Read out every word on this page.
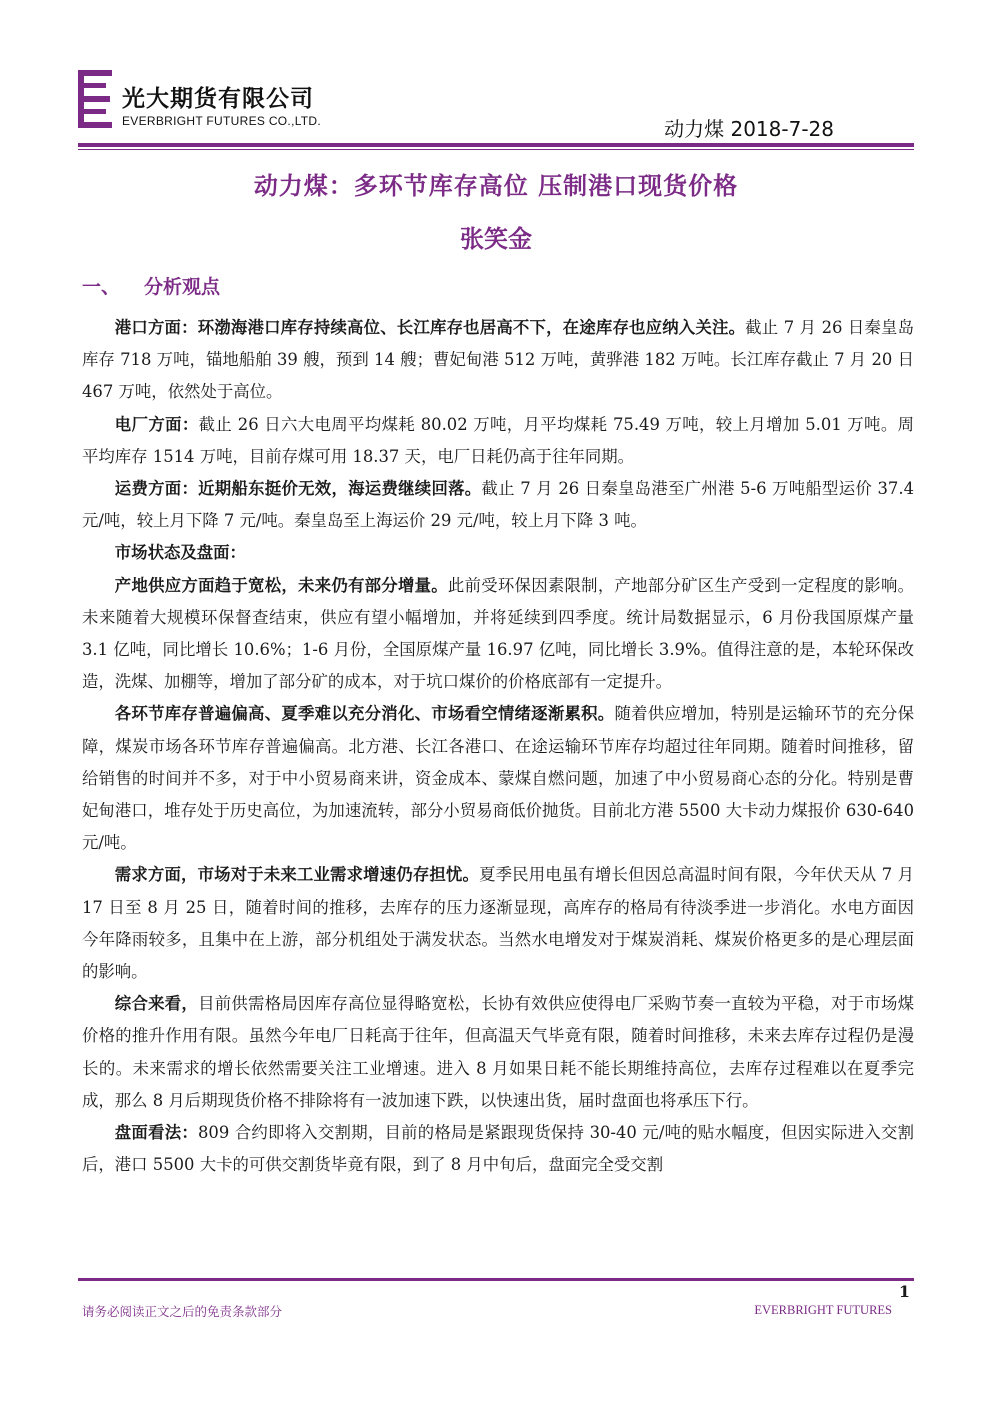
光大期货有限公司
EVERBRIGHT FUTURES CO.,LTD.	动力煤 2018-7-28
动力煤：多环节库存高位 压制港口现货价格
张笑金
一、 分析观点

港口方面：环渤海港口库存持续高位、长江库存也居高不下，在途库存也应纳入关注。截止 7 月 26 日秦皇岛库存 718 万吨，锚地船舶 39 艘，预到 14 艘；曹妃甸港 512 万吨，黄骅港 182 万吨。长江库存截止 7 月 20 日 467 万吨，依然处于高位。

电厂方面：截止 26 日六大电周平均煤耗 80.02 万吨，月平均煤耗 75.49 万吨，较上月增加 5.01 万吨。周平均库存 1514 万吨，目前存煤可用 18.37 天，电厂日耗仍高于往年同期。

运费方面：近期船东挺价无效，海运费继续回落。截止 7 月 26 日秦皇岛港至广州港 5-6 万吨船型运价 37.4 元/吨，较上月下降 7 元/吨。秦皇岛至上海运价 29 元/吨，较上月下降 3 吨。

市场状态及盘面：

产地供应方面趋于宽松，未来仍有部分增量。此前受环保因素限制，产地部分矿区生产受到一定程度的影响。未来随着大规模环保督查结束，供应有望小幅增加，并将延续到四季度。统计局数据显示，6 月份我国原煤产量 3.1 亿吨，同比增长 10.6%；1-6 月份，全国原煤产量 16.97 亿吨，同比增长 3.9%。值得注意的是，本轮环保改造，洗煤、加棚等，增加了部分矿的成本，对于坑口煤价的价格底部有一定提升。

各环节库存普遍偏高、夏季难以充分消化、市场看空情绪逐渐累积。随着供应增加，特别是运输环节的充分保障，煤炭市场各环节库存普遍偏高。北方港、长江各港口、在途运输环节库存均超过往年同期。随着时间推移，留给销售的时间并不多，对于中小贸易商来讲，资金成本、蒙煤自燃问题，加速了中小贸易商心态的分化。特别是曹妃甸港口，堆存处于历史高位，为加速流转，部分小贸易商低价抛货。目前北方港 5500 大卡动力煤报价 630-640 元/吨。

需求方面，市场对于未来工业需求增速仍存担忧。夏季民用电虽有增长但因总高温时间有限，今年伏天从 7 月 17 日至 8 月 25 日，随着时间的推移，去库存的压力逐渐显现，高库存的格局有待淡季进一步消化。水电方面因今年降雨较多，且集中在上游，部分机组处于满发状态。当然水电增发对于煤炭消耗、煤炭价格更多的是心理层面的影响。

综合来看，目前供需格局因库存高位显得略宽松，长协有效供应使得电厂采购节奏一直较为平稳，对于市场煤价格的推升作用有限。虽然今年电厂日耗高于往年，但高温天气毕竟有限，随着时间推移，未来去库存过程仍是漫长的。未来需求的增长依然需要关注工业增速。进入 8 月如果日耗不能长期维持高位，去库存过程难以在夏季完成，那么 8 月后期现货价格不排除将有一波加速下跌，以快速出货，届时盘面也将承压下行。

盘面看法：809 合约即将入交割期，目前的格局是紧跟现货保持 30-40 元/吨的贴水幅度，但因实际进入交割后，港口 5500 大卡的可供交割货毕竟有限，到了 8 月中旬后，盘面完全受交割

1
请务必阅读正文之后的免责条款部分	EVERBRIGHT FUTURES
